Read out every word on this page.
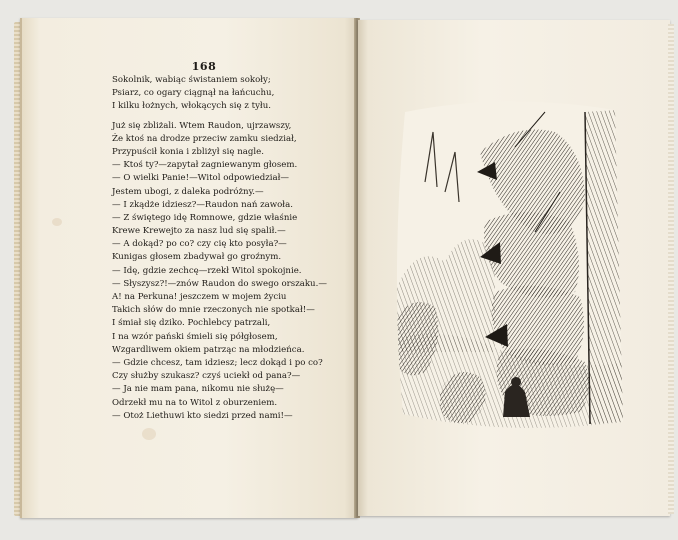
168
Sokolnik, wabiąc świstaniem sokoły;
Psiarz, co ogary ciągnął na łańcuchu,
I kilku łożnych, włokących się z tyłu.
Już się zbliżali. Wtem Raudon, ujrzawszy,
Że ktoś na drodze przeciw zamku siedział,
Przypuścił konia i zbliżył się nagle.
— Ktoś ty?—zapytał zagniewanym głosem.
— O wielki Panie!—Witol odpowiedział—
Jestem ubogi, z daleka podróżny.—
— I zkądże idziesz?—Raudon nań zawoła.
— Z świętego idę Romnowe, gdzie właśnie
Krewe Krewejto za nasz lud się spalił.—
— A dokąd? po co? czy cię kto posyła?—
Kunigas głosem zbadywał go groźnym.
— Idę, gdzie zechcę—rzekł Witol spokojnie.
— Słyszysz?!—znów Raudon do swego orszaku.—
A! na Perkuna! jeszczem w mojem życiu
Takich słów do mnie rzeczonych nie spotkał!—
I śmiał się dziko. Pochlebcy patrzali,
I na wzór pański śmieli się półgłosem,
Wzgardliwem okiem patrząc na młodzieńca.
— Gdzie chcesz, tam idziesz; lecz dokąd i po co?
Czy służby szukasz? czyś uciekł od pana?—
— Ja nie mam pana, nikomu nie służę—
Odrzekł mu na to Witol z oburzeniem.
— Otoż Liethuwi kto siedzi przed nami!—
